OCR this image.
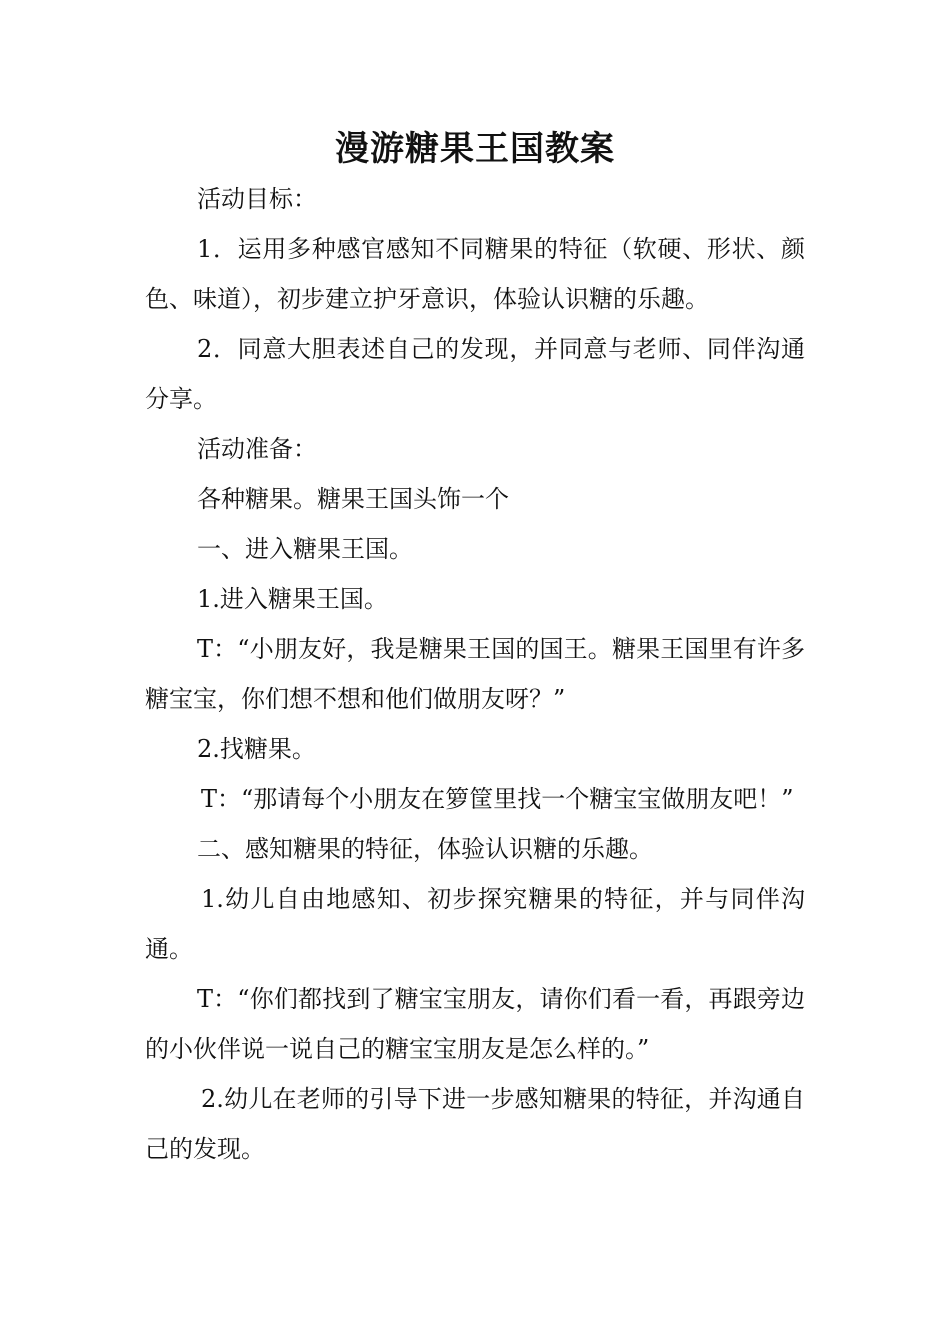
漫游糖果王国教案

活动目标：

1．运用多种感官感知不同糖果的特征（软硬、形状、颜色、味道），初步建立护牙意识，体验认识糖的乐趣。

2．同意大胆表述自己的发现，并同意与老师、同伴沟通分享。

活动准备：

各种糖果。糖果王国头饰一个

一、进入糖果王国。

1.进入糖果王国。

T：“小朋友好，我是糖果王国的国王。糖果王国里有许多糖宝宝，你们想不想和他们做朋友呀？”

2.找糖果。

T：“那请每个小朋友在箩筐里找一个糖宝宝做朋友吧！”

二、感知糖果的特征，体验认识糖的乐趣。

1.幼儿自由地感知、初步探究糖果的特征，并与同伴沟通。

T：“你们都找到了糖宝宝朋友，请你们看一看，再跟旁边的小伙伴说一说自己的糖宝宝朋友是怎么样的。”

2.幼儿在老师的引导下进一步感知糖果的特征，并沟通自己的发现。
